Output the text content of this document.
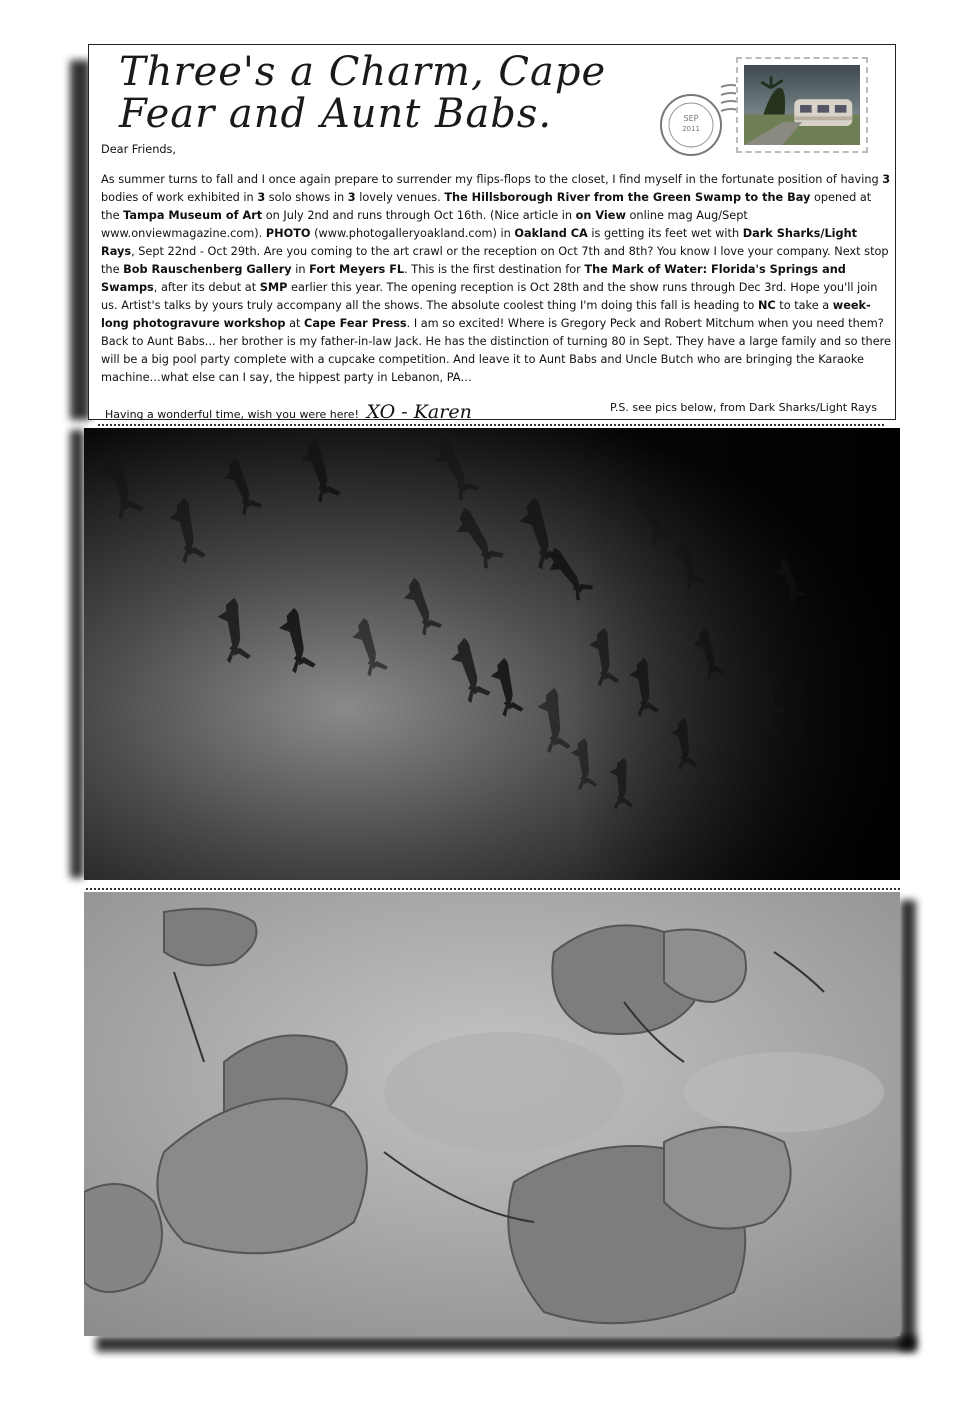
Three's a Charm, Cape Fear and Aunt Babs.	SEP
2011

Dear Friends,

As summer turns to fall and I once again prepare to surrender my flips-flops to the closet, I find myself in the fortunate position of having 3 bodies of work exhibited in 3 solo shows in 3 lovely venues. The Hillsborough River from the Green Swamp to the Bay opened at the Tampa Museum of Art on July 2nd and runs through Oct 16th. (Nice article in on View online mag Aug/Sept www.onviewmagazine.com). PHOTO (www.photogalleryoakland.com) in Oakland CA is getting its feet wet with Dark Sharks/Light Rays, Sept 22nd - Oct 29th. Are you coming to the art crawl or the reception on Oct 7th and 8th? You know I love your company. Next stop the Bob Rauschenberg Gallery in Fort Meyers FL. This is the first destination for The Mark of Water: Florida's Springs and Swamps, after its debut at SMP earlier this year. The opening reception is Oct 28th and the show runs through Dec 3rd. Hope you'll join us. Artist's talks by yours truly accompany all the shows. The absolute coolest thing I'm doing this fall is heading to NC to take a week-long photogravure workshop at Cape Fear Press. I am so excited! Where is Gregory Peck and Robert Mitchum when you need them? Back to Aunt Babs... her brother is my father-in-law Jack. He has the distinction of turning 80 in Sept. They have a large family and so there will be a big pool party complete with a cupcake competition. And leave it to Aunt Babs and Uncle Butch who are bringing the Karaoke machine…what else can I say, the hippest party in Lebanon, PA…

Having a wonderful time, wish you were here! XO - Karen	P.S. see pics below, from Dark Sharks/Light Rays
